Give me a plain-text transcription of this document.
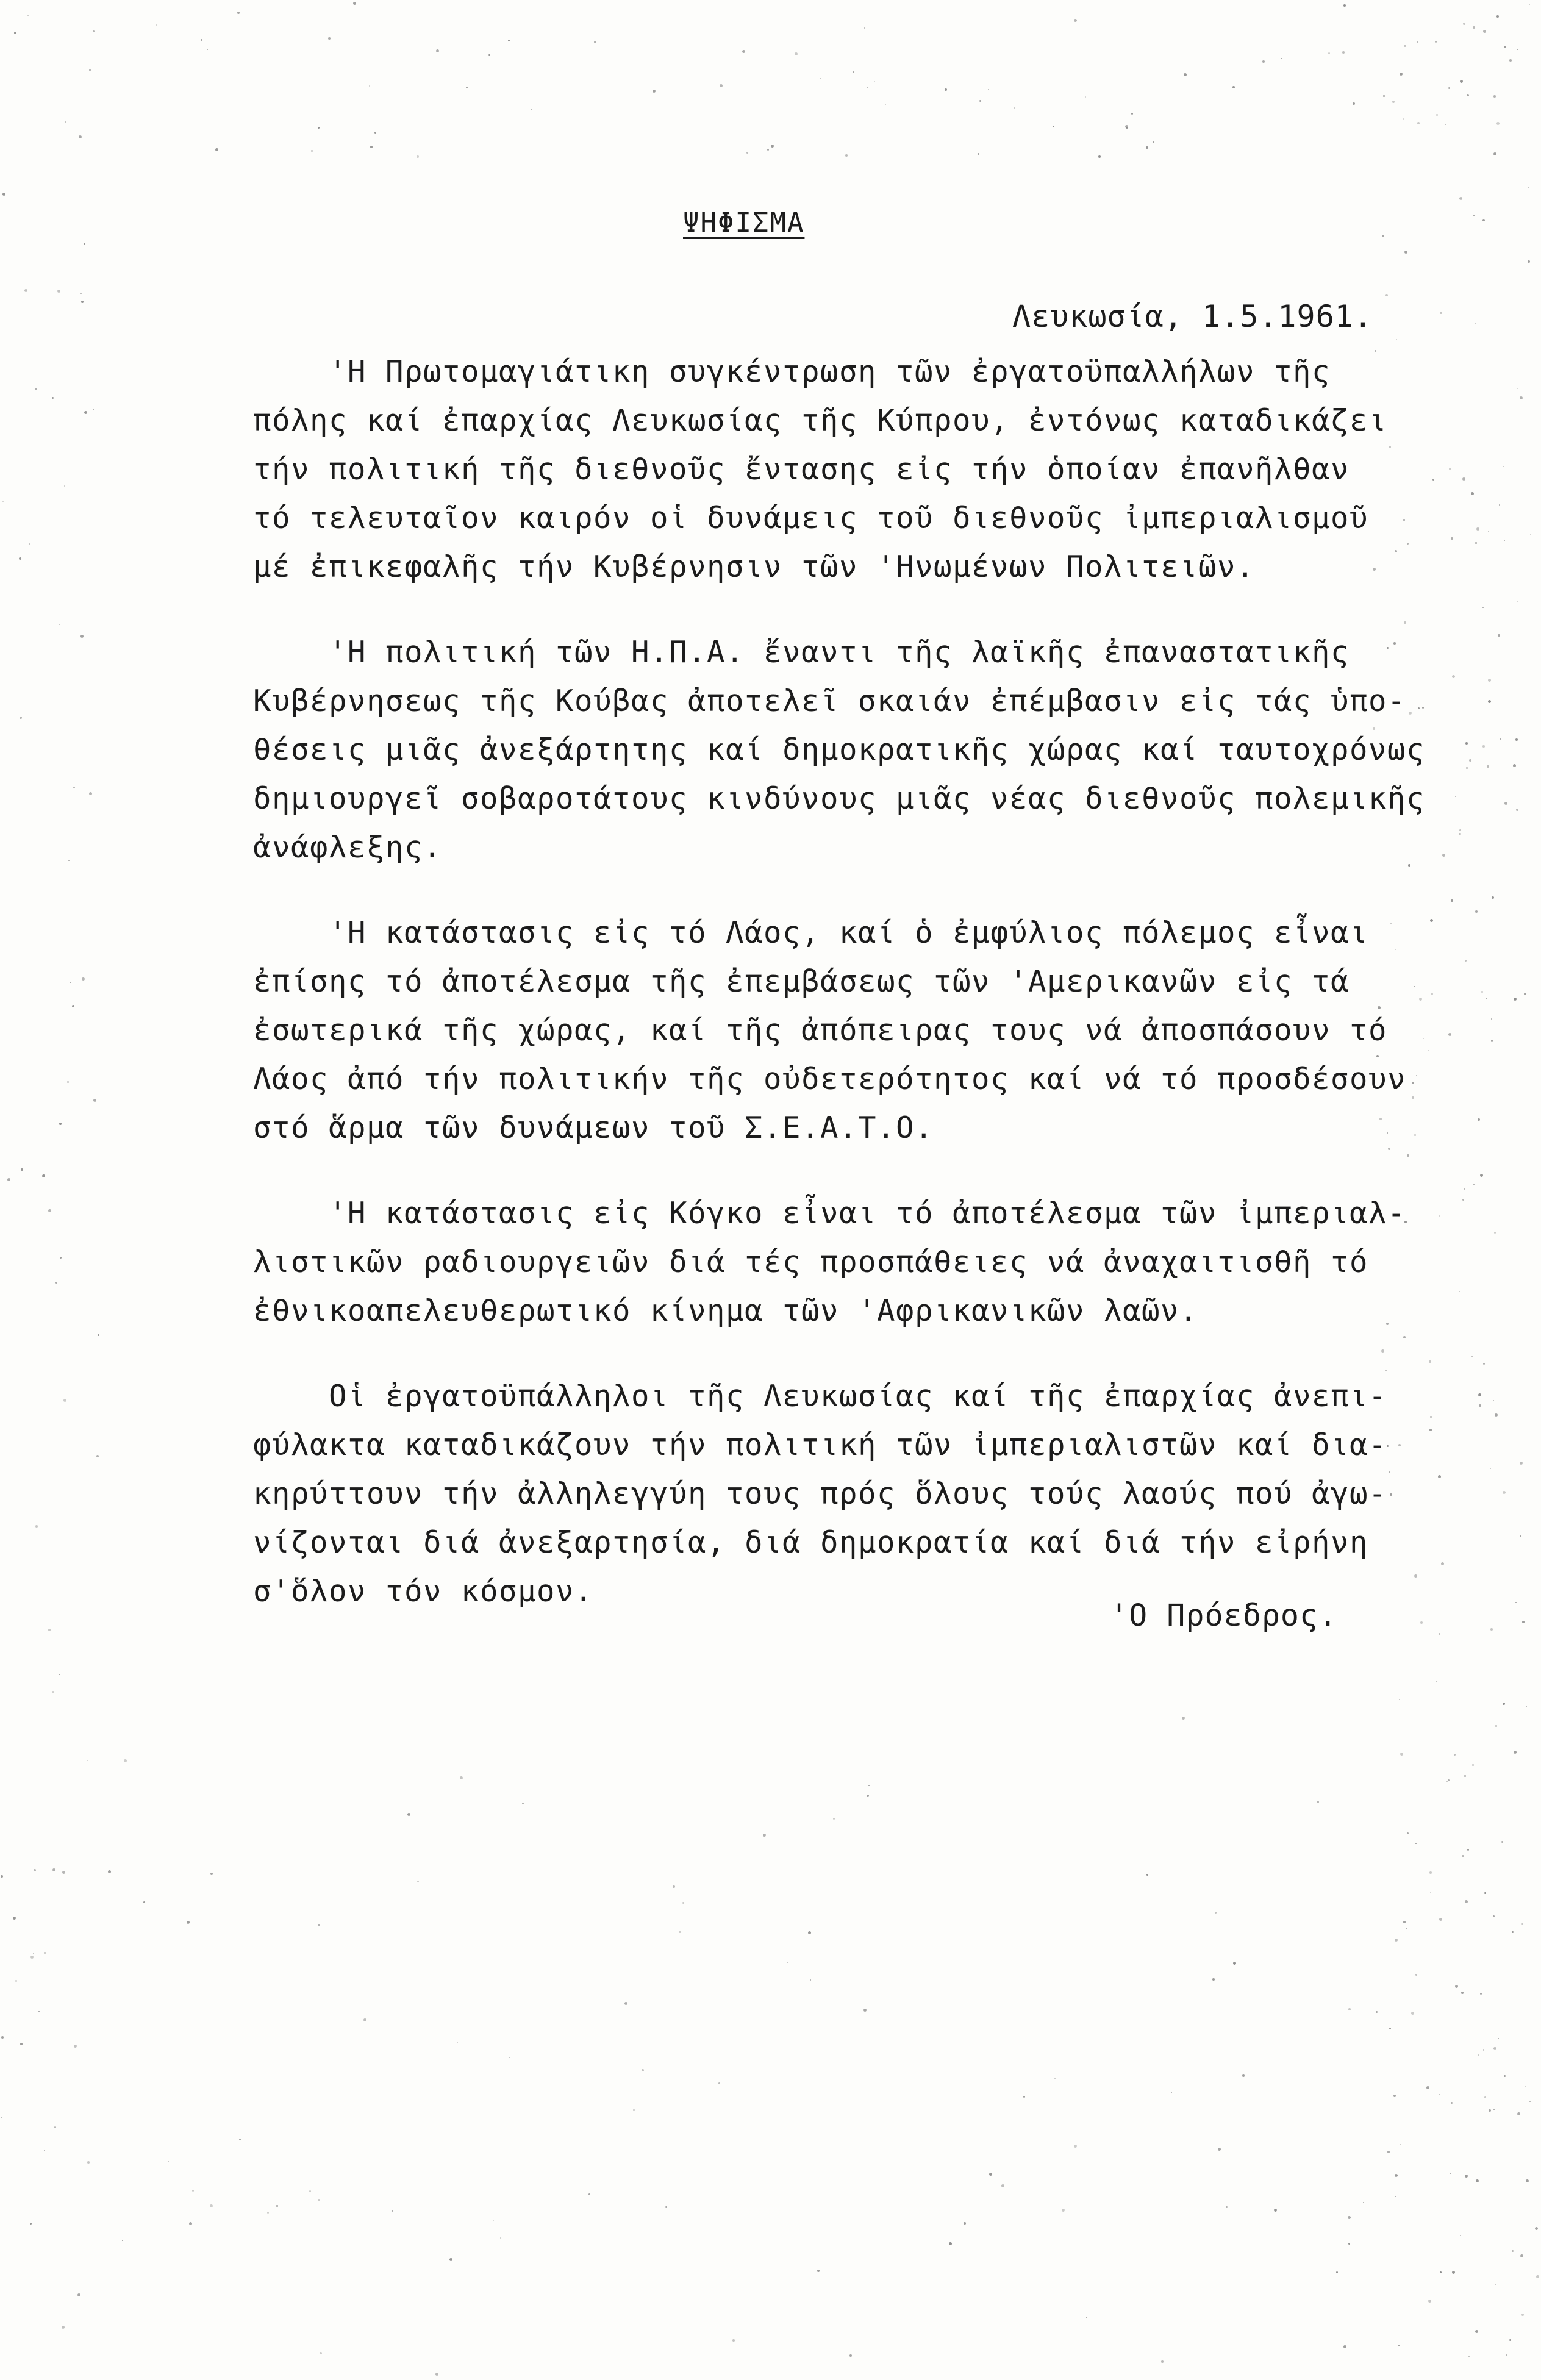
ΨΗΦΙΣΜΑ
Λευκωσία, 1.5.1961.
'Η Πρωτομαγιάτικη συγκέντρωση τῶν ἐργατοϋπαλλήλων τῆς
πόλης καί ἐπαρχίας Λευκωσίας τῆς Κύπρου, ἐντόνως καταδικάζει
τήν πολιτική τῆς διεθνοῦς ἔντασης εἰς τήν ὁποίαν ἐπανῆλθαν
τό τελευταῖον καιρόν οἱ δυνάμεις τοῦ διεθνοῦς ἰμπεριαλισμοῦ
μέ ἐπικεφαλῆς τήν Κυβέρνησιν τῶν 'Ηνωμένων Πολιτειῶν.
'Η πολιτική τῶν Η.Π.Α. ἔναντι τῆς λαϊκῆς ἐπαναστατικῆς
Κυβέρνησεως τῆς Κούβας ἀποτελεῖ σκαιάν ἐπέμβασιν εἰς τάς ὑπο-
θέσεις μιᾶς ἀνεξάρτητης καί δημοκρατικῆς χώρας καί ταυτοχρόνως
δημιουργεῖ σοβαροτάτους κινδύνους μιᾶς νέας διεθνοῦς πολεμικῆς
ἀνάφλεξης.
'Η κατάστασις εἰς τό Λάος, καί ὁ ἐμφύλιος πόλεμος εἶναι
ἐπίσης τό ἀποτέλεσμα τῆς ἐπεμβάσεως τῶν 'Αμερικανῶν εἰς τά
ἐσωτερικά τῆς χώρας, καί τῆς ἀπόπειρας τους νά ἀποσπάσουν τό
Λάος ἀπό τήν πολιτικήν τῆς οὐδετερότητος καί νά τό προσδέσουν
στό ἅρμα τῶν δυνάμεων τοῦ Σ.Ε.Α.Τ.Ο.
'Η κατάστασις εἰς Κόγκο εἶναι τό ἀποτέλεσμα τῶν ἰμπεριαλ-
λιστικῶν ραδιουργειῶν διά τές προσπάθειες νά ἀναχαιτισθῆ τό
ἐθνικοαπελευθερωτικό κίνημα τῶν 'Αφρικανικῶν λαῶν.
Οἱ ἐργατοϋπάλληλοι τῆς Λευκωσίας καί τῆς ἐπαρχίας ἀνεπι-
φύλακτα καταδικάζουν τήν πολιτική τῶν ἰμπεριαλιστῶν καί δια-
κηρύττουν τήν ἀλληλεγγύη τους πρός ὅλους τούς λαούς πού ἀγω-
νίζονται διά ἀνεξαρτησία, διά δημοκρατία καί διά τήν εἰρήνη
σ'ὅλον τόν κόσμον.
'Ο Πρόεδρος.
